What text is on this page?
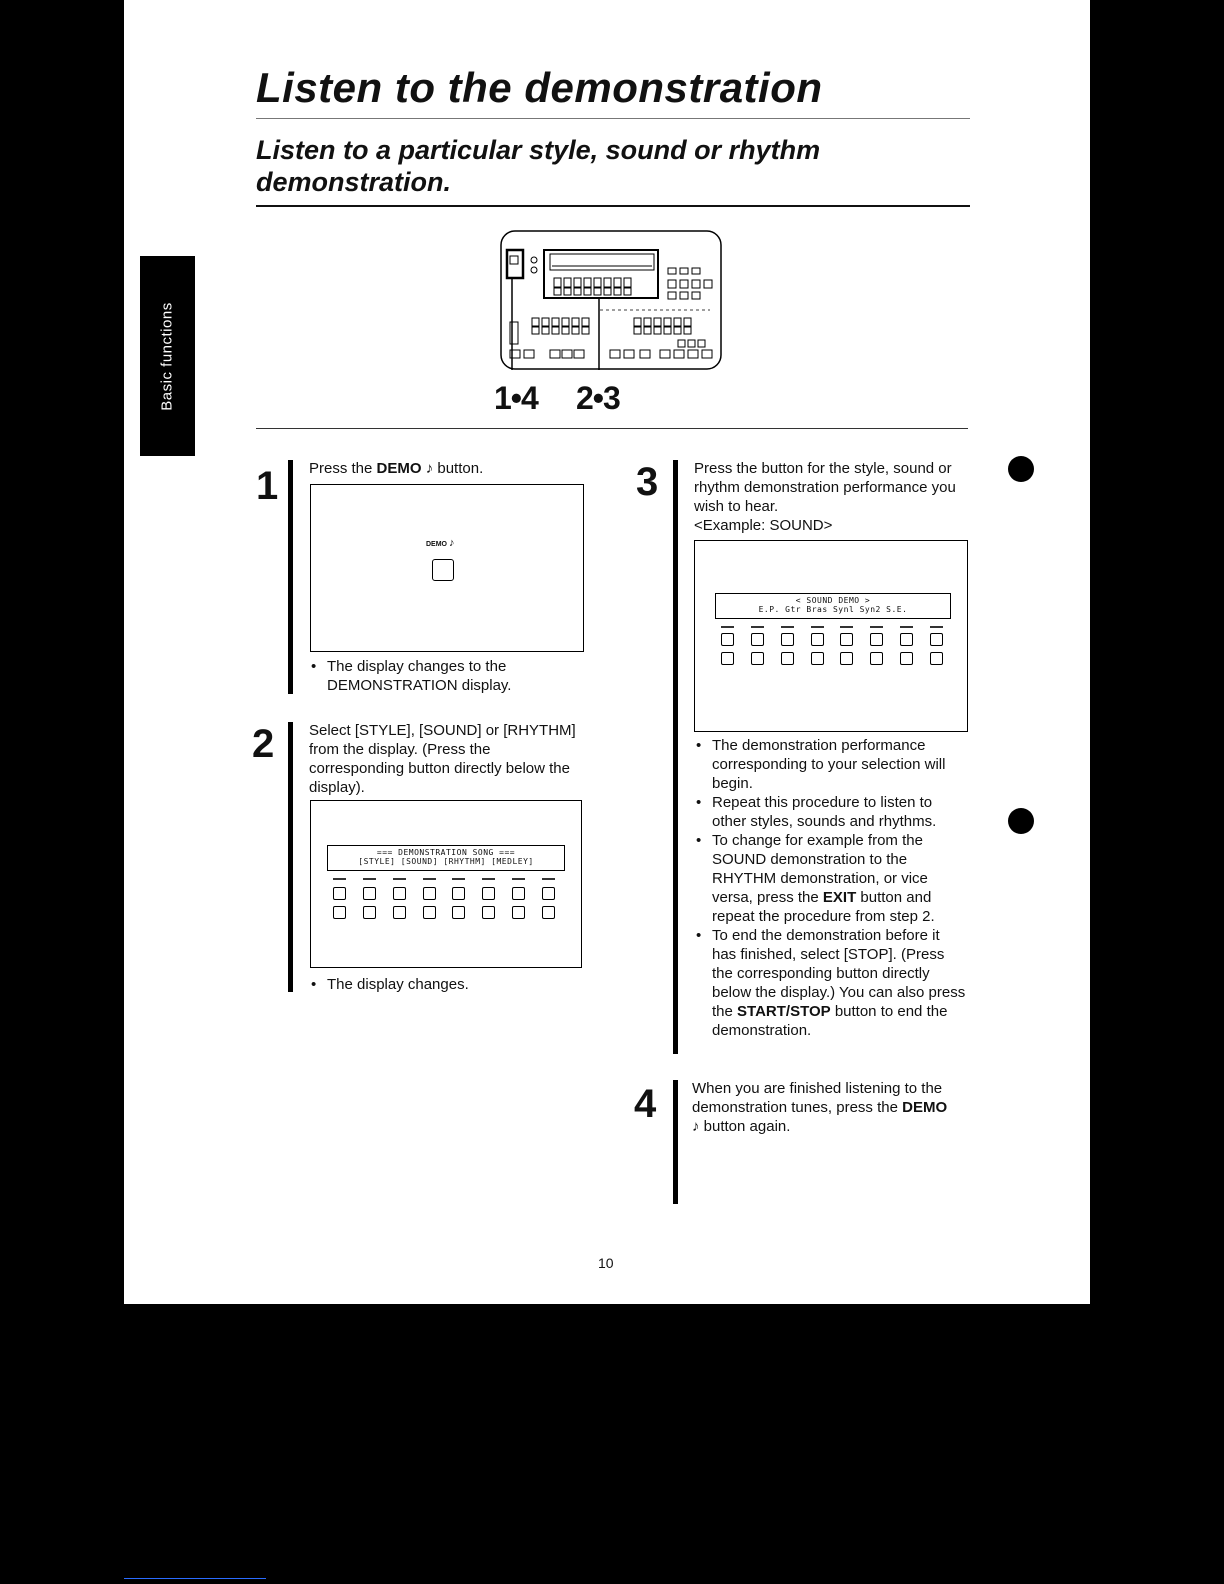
Basic functions
Listen to the demonstration
Listen to a particular style, sound or rhythm demonstration.
1•4 2•3
1 Press the DEMO ♪ button.
DEMO ♪
• The display changes to the DEMONSTRATION display.
2 Select [STYLE], [SOUND] or [RHYTHM] from the display. (Press the corresponding button directly below the display).
=== DEMONSTRATION SONG ===
[STYLE] [SOUND] [RHYTHM] [MEDLEY]
• The display changes.
3 Press the button for the style, sound or rhythm demonstration performance you wish to hear.
<Example: SOUND>
< SOUND DEMO >
E.P. Gtr Bras Synl Syn2 S.E.
• The demonstration performance corresponding to your selection will begin.
• Repeat this procedure to listen to other styles, sounds and rhythms.
• To change for example from the SOUND demonstration to the RHYTHM demonstration, or vice versa, press the EXIT button and repeat the procedure from step 2.
• To end the demonstration before it has finished, select [STOP]. (Press the corresponding button directly below the display.) You can also press the START/STOP button to end the demonstration.
4 When you are finished listening to the demonstration tunes, press the DEMO ♪ button again.
10
